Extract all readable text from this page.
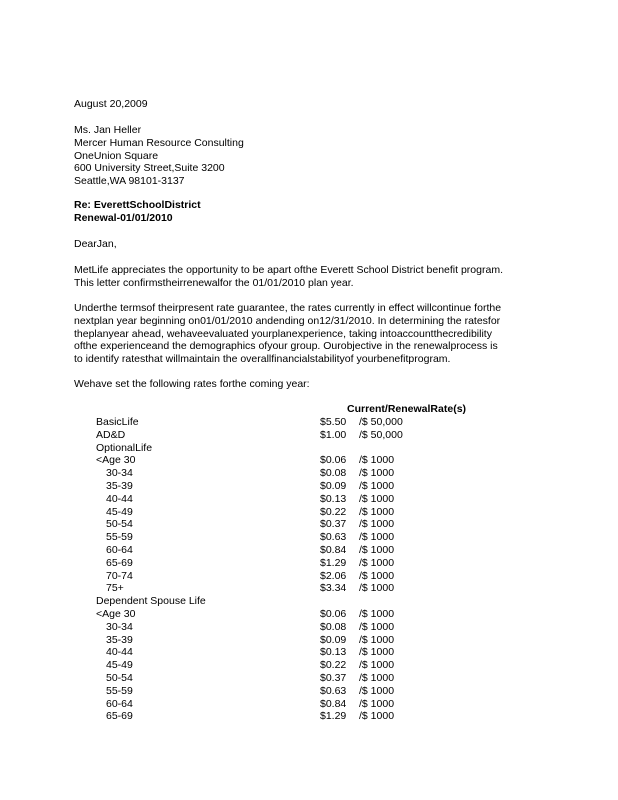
August 20,2009
Ms. Jan Heller
Mercer Human Resource Consulting
OneUnion Square
600 University Street,Suite 3200
Seattle,WA 98101-3137
Re: EverettSchoolDistrict
Renewal-01/01/2010
DearJan,
MetLife appreciates the opportunity to be apart ofthe Everett School District benefit program.
This letter confirmstheirrenewalfor the 01/01/2010 plan year.
Underthe termsof theirpresent rate guarantee, the rates currently in effect willcontinue forthe
nextplan year beginning on01/01/2010 andending on12/31/2010. In determining the ratesfor
theplanyear ahead, wehaveevaluated yourplanexperience, taking intoaccountthecredibility
ofthe experienceand the demographics ofyour group. Ourobjective in the renewalprocess is
to identify ratesthat willmaintain the overallfinancialstabilityof yourbenefitprogram.
Wehave set the following rates forthe coming year:
Current/RenewalRate(s)
BasicLife	$5.50 /$ 50,000
AD&D	$1.00 /$ 50,000
OptionalLife
<Age 30	$0.06 /$ 1000
30-34	$0.08 /$ 1000
35-39	$0.09 /$ 1000
40-44	$0.13 /$ 1000
45-49	$0.22 /$ 1000
50-54	$0.37 /$ 1000
55-59	$0.63 /$ 1000
60-64	$0.84 /$ 1000
65-69	$1.29 /$ 1000
70-74	$2.06 /$ 1000
75+	$3.34 /$ 1000
Dependent Spouse Life
<Age 30	$0.06 /$ 1000
30-34	$0.08 /$ 1000
35-39	$0.09 /$ 1000
40-44	$0.13 /$ 1000
45-49	$0.22 /$ 1000
50-54	$0.37 /$ 1000
55-59	$0.63 /$ 1000
60-64	$0.84 /$ 1000
65-69	$1.29 /$ 1000
